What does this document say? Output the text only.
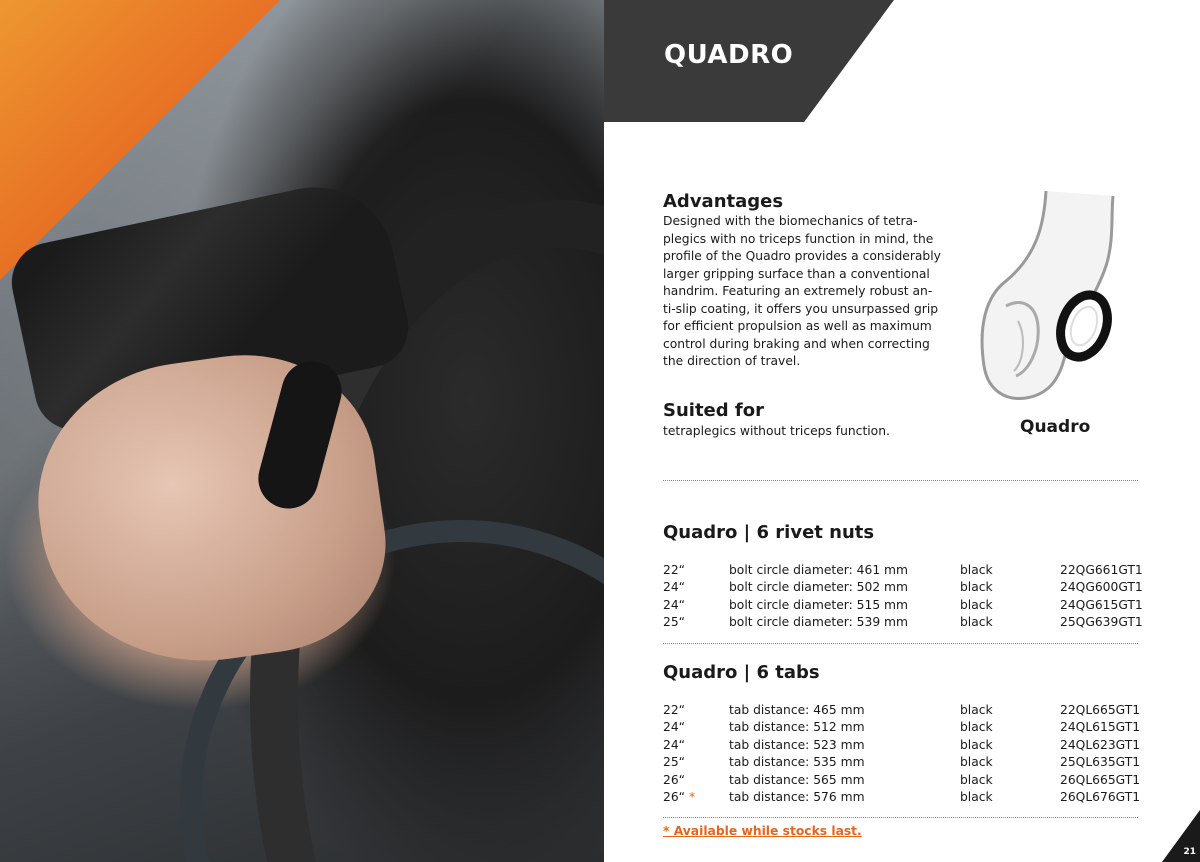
QUADRO
Advantages

Designed with the biomechanics of tetra-
plegics with no triceps function in mind, the
profile of the Quadro provides a considerably
larger gripping surface than a conventional
handrim. Featuring an extremely robust an-
ti-slip coating, it offers you unsurpassed grip
for efficient propulsion as well as maximum
control during braking and when correcting
the direction of travel.

Suited for

tetraplegics without triceps function.	Quadro

Quadro | 6 rivet nuts
22“	bolt circle diameter: 461 mm	black	22QG661GT1
24“	bolt circle diameter: 502 mm	black	24QG600GT1
24“	bolt circle diameter: 515 mm	black	24QG615GT1
25“	bolt circle diameter: 539 mm	black	25QG639GT1
Quadro | 6 tabs
22“	tab distance: 465 mm	black	22QL665GT1
24“	tab distance: 512 mm	black	24QL615GT1
24“	tab distance: 523 mm	black	24QL623GT1
25“	tab distance: 535 mm	black	25QL635GT1
26“	tab distance: 565 mm	black	26QL665GT1
26“ *	tab distance: 576 mm	black	26QL676GT1

* Available while stocks last.

21
